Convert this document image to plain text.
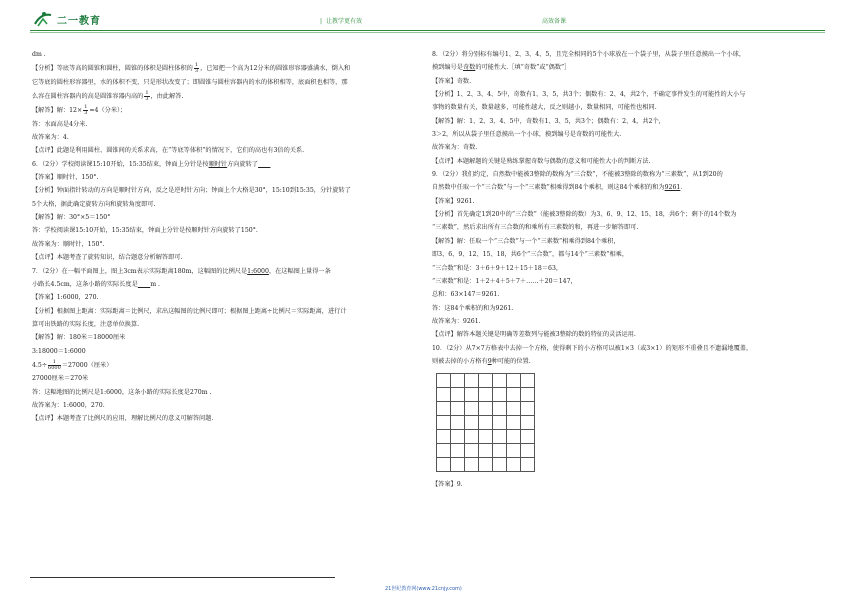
二一教育	| 让教学更有效	高效备课

dm .

【分析】等底等高的圆锥和圆柱，圆锥的体积是圆柱体积的 $\frac{1}{3}$ ，已知把一个高为12分米的圆锥形容器盛满水，倒入和

它等底的圆柱形容器里，水的体积不变，只是形状改变了；即圆锥与圆柱容器内的水的体积相等，底面积也相等，那

么容在圆柱容器内的高是圆锥容器内高的 $\frac{1}{3}$ ，由此解答.

【解答】解：$12\times \frac{1}{3} =4$（分米）；

答：水面高是4分米.

故答案为：4.

【点评】此题是利用圆柱、圆锥间的关系求高，在“等底等体积”的情况下，它们的高也有3倍的关系.

6．（2分）学校阅读课15:10开始，15:35结束，钟面上分针是按顺时针方向旋转了____

【答案】顺时针，150°.

【分析】钟面指针转动的方向是顺时针方向，反之是逆时针方向；钟面上个大格是30°，15:10到15:35，分针旋转了

5个大格，据此确定旋转方向和旋转角度即可.

【解答】解：30°×5＝150°

答：学校阅读课15:10开始，15:35结束，钟面上分针是按顺时针方向旋转了150°.

故答案为：顺时针，150°.

【点评】本题考查了旋转知识，结合题意分析解答即可.

7．（2分）在一幅平面图上，图上3cm表示实际距离180m，这幅图的比例尺是1:6000，在这幅图上量得一条

小路长4.5cm，这条小路的实际长度是____m .

【答案】1:6000，270.

【分析】根据图上距离：实际距离＝比例尺，求出这幅图的比例尺即可；根据图上距离÷比例尺＝实际距离，进行计

算可出铁路的实际长度，注意单位换算.

【解答】解：180米＝18000厘米

3:18000＝1:6000

$4.5\div \frac{1}{6000} =27000$（厘米）

27000厘米＝270米

答：这幅地图的比例尺是1:6000，这条小路的实际长度是270m .

故答案为：1:6000，270.

【点评】本题考查了比例尺的应用，理解比例尺的意义可解答问题.

8．（2分）将分别标有编号1、2、3、4、5，且完全相同的5个小球放在一个袋子里，从袋子里任意摸出一个小球，

摸到编号是奇数的可能性大.［填“奇数”或“偶数”］

【答案】奇数.

【分析】1、2、3、4、5中，奇数有1、3、5，共3个；偶数有：2、4，共2个，不确定事件发生的可能性的大小与

事物的数量有关，数量越多，可能性越大，反之则越小，数量相同，可能性也相同.

【解答】解：1、2、3、4、5中，奇数有1、3、5，共3个；偶数有：2、4，共2个，

3＞2，所以从袋子里任意摸出一个小球，摸到编号是奇数的可能性大.

故答案为：奇数.

【点评】本题解题的关键是熟练掌握奇数与偶数的意义和可能性大小的判断方法.

9．（2分）我们约定，自然数中能被3整除的数称为“三合数”，不能被3整除的数称为“三素数”，从1到20的

自然数中任取一个“三合数”与一个“三素数”相乘得到84个乘积，则这84个乘积的和为9261．

【答案】9261.

【分析】首先确定1到20中的“三合数”（能被3整除的数）为3、6、9、12、15、18，共6个；剩下的14个数为

“三素数”，然后求出所有三合数的和乘所有三素数的和，再进一步解答即可.

【解答】解：任取一个“三合数”与一个“三素数”相乘得到84个乘积，

即3、6、9、12、15、18，共6个“三合数”，都与14个“三素数”相乘，

“三合数”和是：3＋6＋9＋12＋15＋18＝63，

“三素数”和是：1＋2＋4＋5＋7＋……＋20＝147，

总和：63×147＝9261.

答：这84个乘积的和为9261.

故答案为：9261.

【点评】解答本题关键是明确等差数列与能被3整除的数的特征的灵活运用.

10．（2分）从7×7方格表中去掉一个方格，使得剩下的小方格可以被1×3（或3×1）的矩形不重叠且不遗漏地覆盖，

则被去掉的小方格有9种可能的位置.

【答案】9.

21世纪教育网(www.21cnjy.com)
